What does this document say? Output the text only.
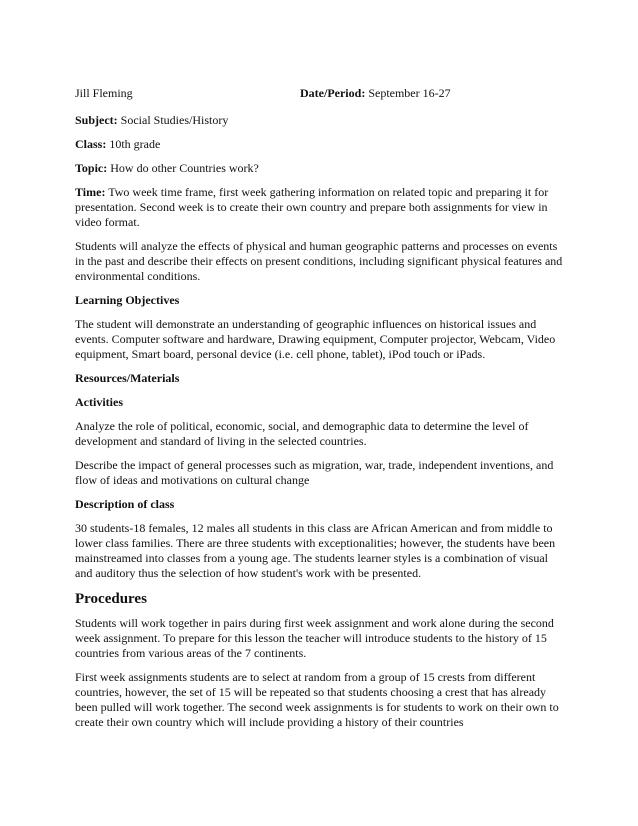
Jill Fleming	Date/Period: September 16-27

Subject: Social Studies/History

Class: 10th grade

Topic: How do other Countries work?

Time: Two week time frame, first week gathering information on related topic and preparing it for presentation. Second week is to create their own country and prepare both assignments for view in video format.

Students will analyze the effects of physical and human geographic patterns and processes on events in the past and describe their effects on present conditions, including significant physical features and environmental conditions.

Learning Objectives

The student will demonstrate an understanding of geographic influences on historical issues and events. Computer software and hardware, Drawing equipment, Computer projector, Webcam, Video equipment, Smart board, personal device (i.e. cell phone, tablet), iPod touch or iPads.

Resources/Materials

Activities

Analyze the role of political, economic, social, and demographic data to determine the level of development and standard of living in the selected countries.

Describe the impact of general processes such as migration, war, trade, independent inventions, and flow of ideas and motivations on cultural change

Description of class

30 students-18 females, 12 males all students in this class are African American and from middle to lower class families. There are three students with exceptionalities; however, the students have been mainstreamed into classes from a young age. The students learner styles is a combination of visual and auditory thus the selection of how student's work with be presented.

Procedures

Students will work together in pairs during first week assignment and work alone during the second week assignment. To prepare for this lesson the teacher will introduce students to the history of 15 countries from various areas of the 7 continents.

First week assignments students are to select at random from a group of 15 crests from different countries, however, the set of 15 will be repeated so that students choosing a crest that has already been pulled will work together. The second week assignments is for students to work on their own to create their own country which will include providing a history of their countries
